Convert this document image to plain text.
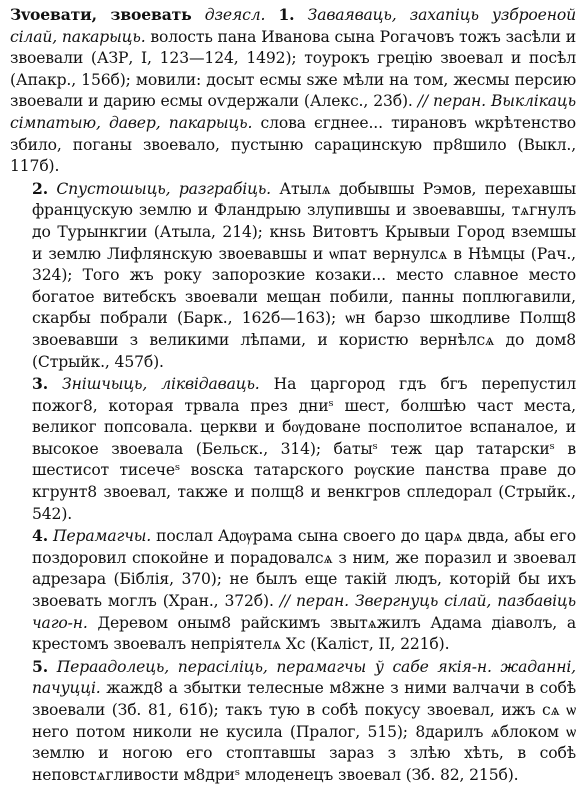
Зvoевати, звоевать дзеясл. 1. Заваяваць, захапіць узброеной сілай, пакарыць. волость пана Ивановa сына Рогачовъ тожъ засѣли и звоевали (АЗР, I, 123—124, 1492); тоурокъ грецію звоевал и посѣл (Апакр., 156б); мовили: досыт есмы ѕже мѣли на том, жесмы персию звоевали и дарию есмы оѵдержали (Алекс., 23б). // перан. Выклікаць сімпатыю, давер, пакарыць. слова єгднее... тирановъ ѡкрѣтенство збило, поганы звоевало, пустыню сарацинскую пр8шило (Выкл., 117б).

2. Спустошыць, разграбіць. Атылѧ добывшы Рэмов, перехавшы францускую землю и Фландрыю злупившы и звоевавшы, тѧгнулъ до Турынкгии (Атыла, 214); кнѕь Витовтъ Крывыи Город вземшы и землю Лифлянскую звоевавшы и ѡпат вернулсѧ в Нѣмцы (Рач., 324); Того жъ року запорозкие козаки... место славное место богатое витебскъ звоевали мещан побили, панны поплюгавили, скарбы побрали (Барк., 162б—163); ѡн барзо шкодливе Полщ8 звоевавши з великими лѣпами, и користю вернѣлсѧ до дом8 (Стрыйк., 457б).

3. Знішчыць, ліквідаваць. На царгород гдъ бгъ перепустил пожог8, которая трвала през дниˢ шест, болшѣю част места, великог попсовала. церкви и бѹдоване посполитое вспаналое, и высокое звоевала (Бельск., 314); батыˢ теж цар татарскиˢ в шестисот тисечеˢ воѕска татарского рѹские панства праве до кгрунт8 звоевал, также и полщ8 и венкгров спледорал (Стрыйк., 542).

4. Перамагчы. послал Адѹрама сына своего до царѧ двда, абы его поздоровил спокойне и порадовалсѧ з ним, же поразил и звоевал адрезара (Біблія, 370); не былъ еще такій людъ, которій бы ихъ звоевать моглъ (Хран., 372б). // перан. Звергнуць сілай, пазбавіць чаго-н. Деревом оным8 райскимъ звытѧжилъ Адама діаволъ, а крестомъ звоевалъ непріятелѧ Хс (Каліст, II, 221б).

5. Пераадолець, перасіліць, перамагчы ў сабе якія-н. жаданні, пачуцці. жажд8 а збытки телесные м8жне з ними валчачи в собѣ звоевали (Зб. 81, 61б); такъ тую в собѣ покусу звоевал, ижъ сѧ ѡ него потом николи не кусила (Пралог, 515); 8дарилъ ѧблоком ѡ землю и ногою его стоптавшы зараз з злѣю хѣть, в собѣ неповстѧгливости м8дриˢ млоденецъ звоевал (Зб. 82, 215б).
